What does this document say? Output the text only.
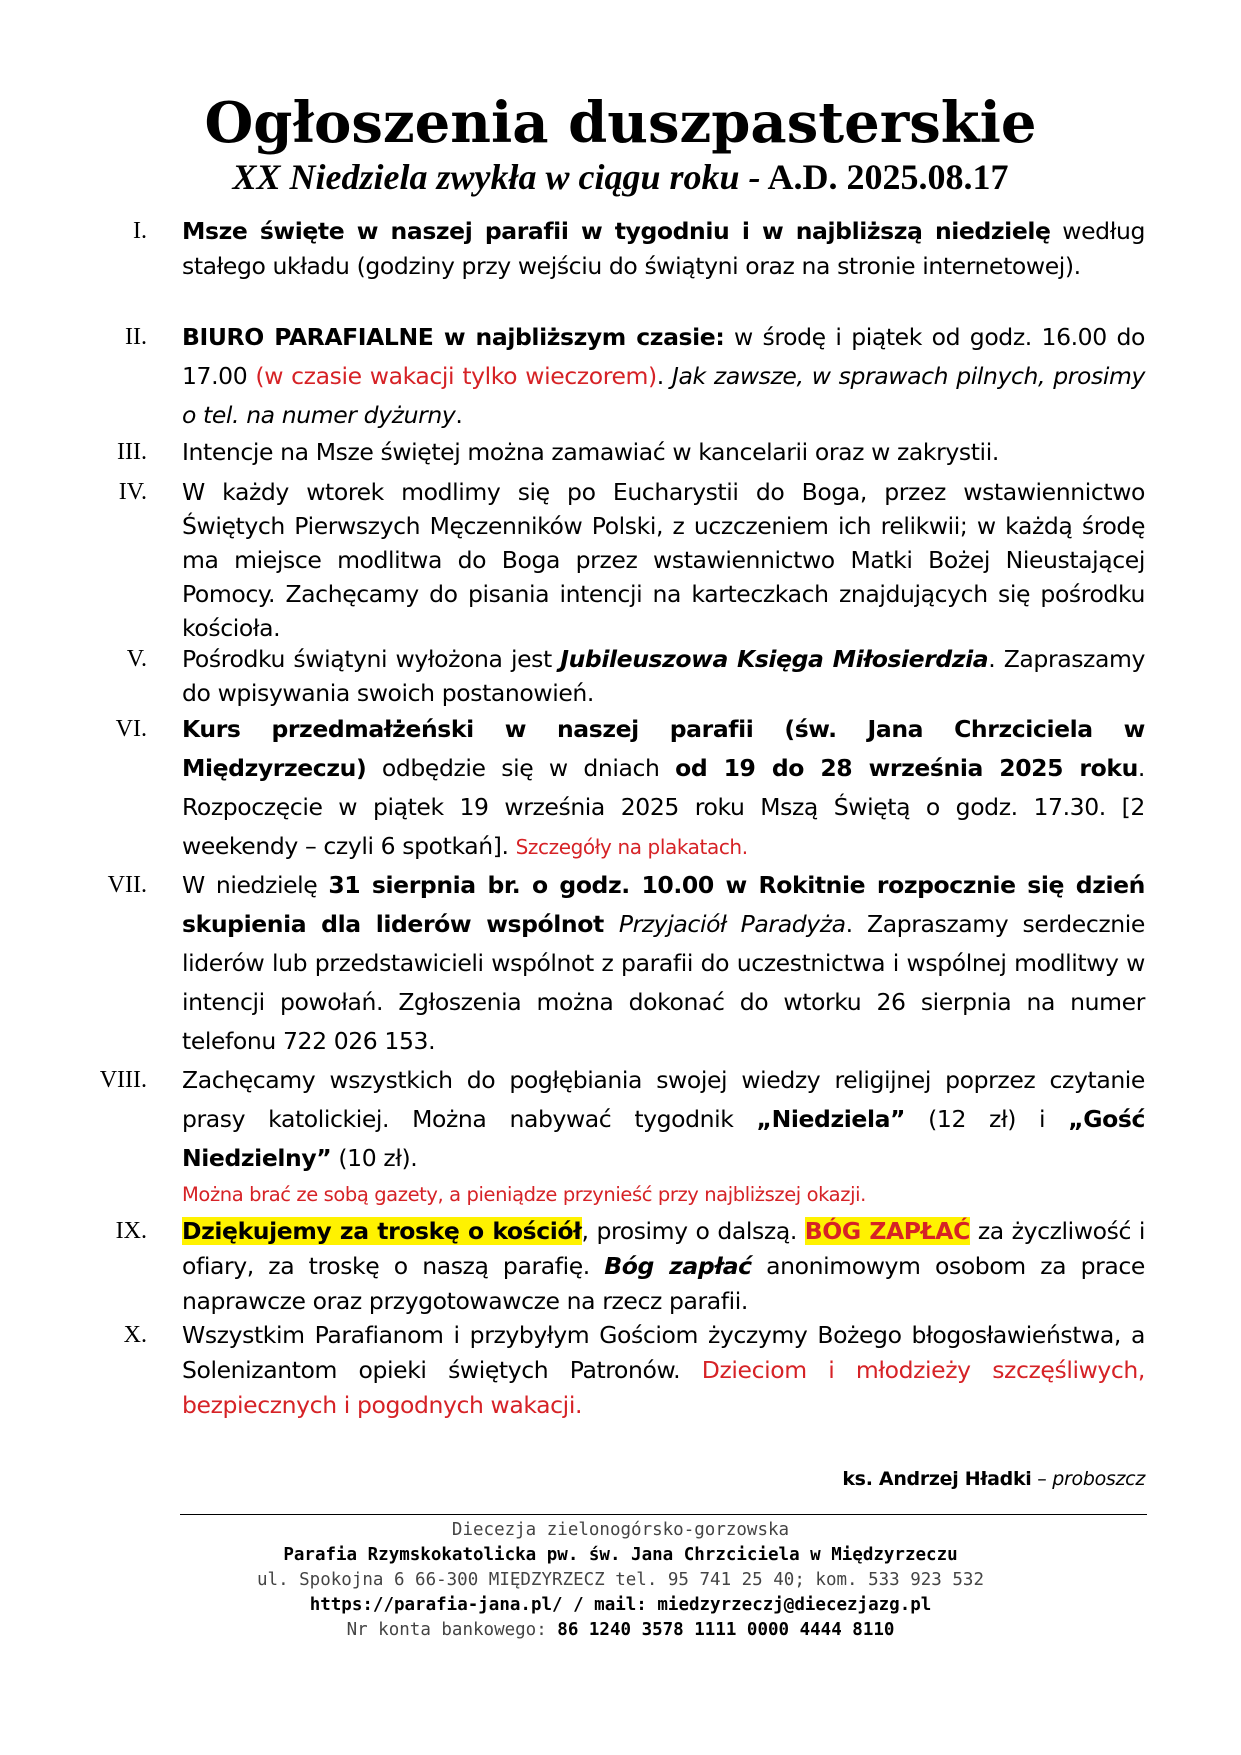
Ogłoszenia duszpasterskie
XX Niedziela zwykła w ciągu roku - A.D. 2025.08.17
I. Msze święte w naszej parafii w tygodniu i w najbliższą niedzielę według stałego układu (godziny przy wejściu do świątyni oraz na stronie internetowej).
II. BIURO PARAFIALNE w najbliższym czasie: w środę i piątek od godz. 16.00 do 17.00 (w czasie wakacji tylko wieczorem). Jak zawsze, w sprawach pilnych, prosimy o tel. na numer dyżurny.
III. Intencje na Msze świętej można zamawiać w kancelarii oraz w zakrystii.
IV. W każdy wtorek modlimy się po Eucharystii do Boga, przez wstawiennictwo Świętych Pierwszych Męczenników Polski, z uczczeniem ich relikwii; w każdą środę ma miejsce modlitwa do Boga przez wstawiennictwo Matki Bożej Nieustającej Pomocy. Zachęcamy do pisania intencji na karteczkach znajdujących się pośrodku kościoła.
V. Pośrodku świątyni wyłożona jest Jubileuszowa Księga Miłosierdzia. Zapraszamy do wpisywania swoich postanowień.
VI. Kurs przedmałżeński w naszej parafii (św. Jana Chrzciciela w Międzyrzeczu) odbędzie się w dniach od 19 do 28 września 2025 roku. Rozpoczęcie w piątek 19 września 2025 roku Mszą Świętą o godz. 17.30. [2 weekendy – czyli 6 spotkań]. Szczegóły na plakatach.
VII. W niedzielę 31 sierpnia br. o godz. 10.00 w Rokitnie rozpocznie się dzień skupienia dla liderów wspólnot Przyjaciół Paradyża. Zapraszamy serdecznie liderów lub przedstawicieli wspólnot z parafii do uczestnictwa i wspólnej modlitwy w intencji powołań. Zgłoszenia można dokonać do wtorku 26 sierpnia na numer telefonu 722 026 153.
VIII. Zachęcamy wszystkich do pogłębiania swojej wiedzy religijnej poprzez czytanie prasy katolickiej. Można nabywać tygodnik „Niedziela” (12 zł) i „Gość Niedzielny” (10 zł).
Można brać ze sobą gazety, a pieniądze przynieść przy najbliższej okazji.
IX. Dziękujemy za troskę o kościół, prosimy o dalszą. BÓG ZAPŁAĆ za życzliwość i ofiary, za troskę o naszą parafię. Bóg zapłać anonimowym osobom za prace naprawcze oraz przygotowawcze na rzecz parafii.
X. Wszystkim Parafianom i przybyłym Gościom życzymy Bożego błogosławieństwa, a Solenizantom opieki świętych Patronów. Dzieciom i młodzieży szczęśliwych, bezpiecznych i pogodnych wakacji.
ks. Andrzej Hładki – proboszcz
Diecezja zielonogórsko-gorzowska
Parafia Rzymskokatolicka pw. św. Jana Chrzciciela w Międzyrzeczu
ul. Spokojna 6 66-300 MIĘDZYRZECZ tel. 95 741 25 40; kom. 533 923 532
https://parafia-jana.pl/ / mail: miedzyrzeczj@diecezjazg.pl
Nr konta bankowego: 86 1240 3578 1111 0000 4444 8110
